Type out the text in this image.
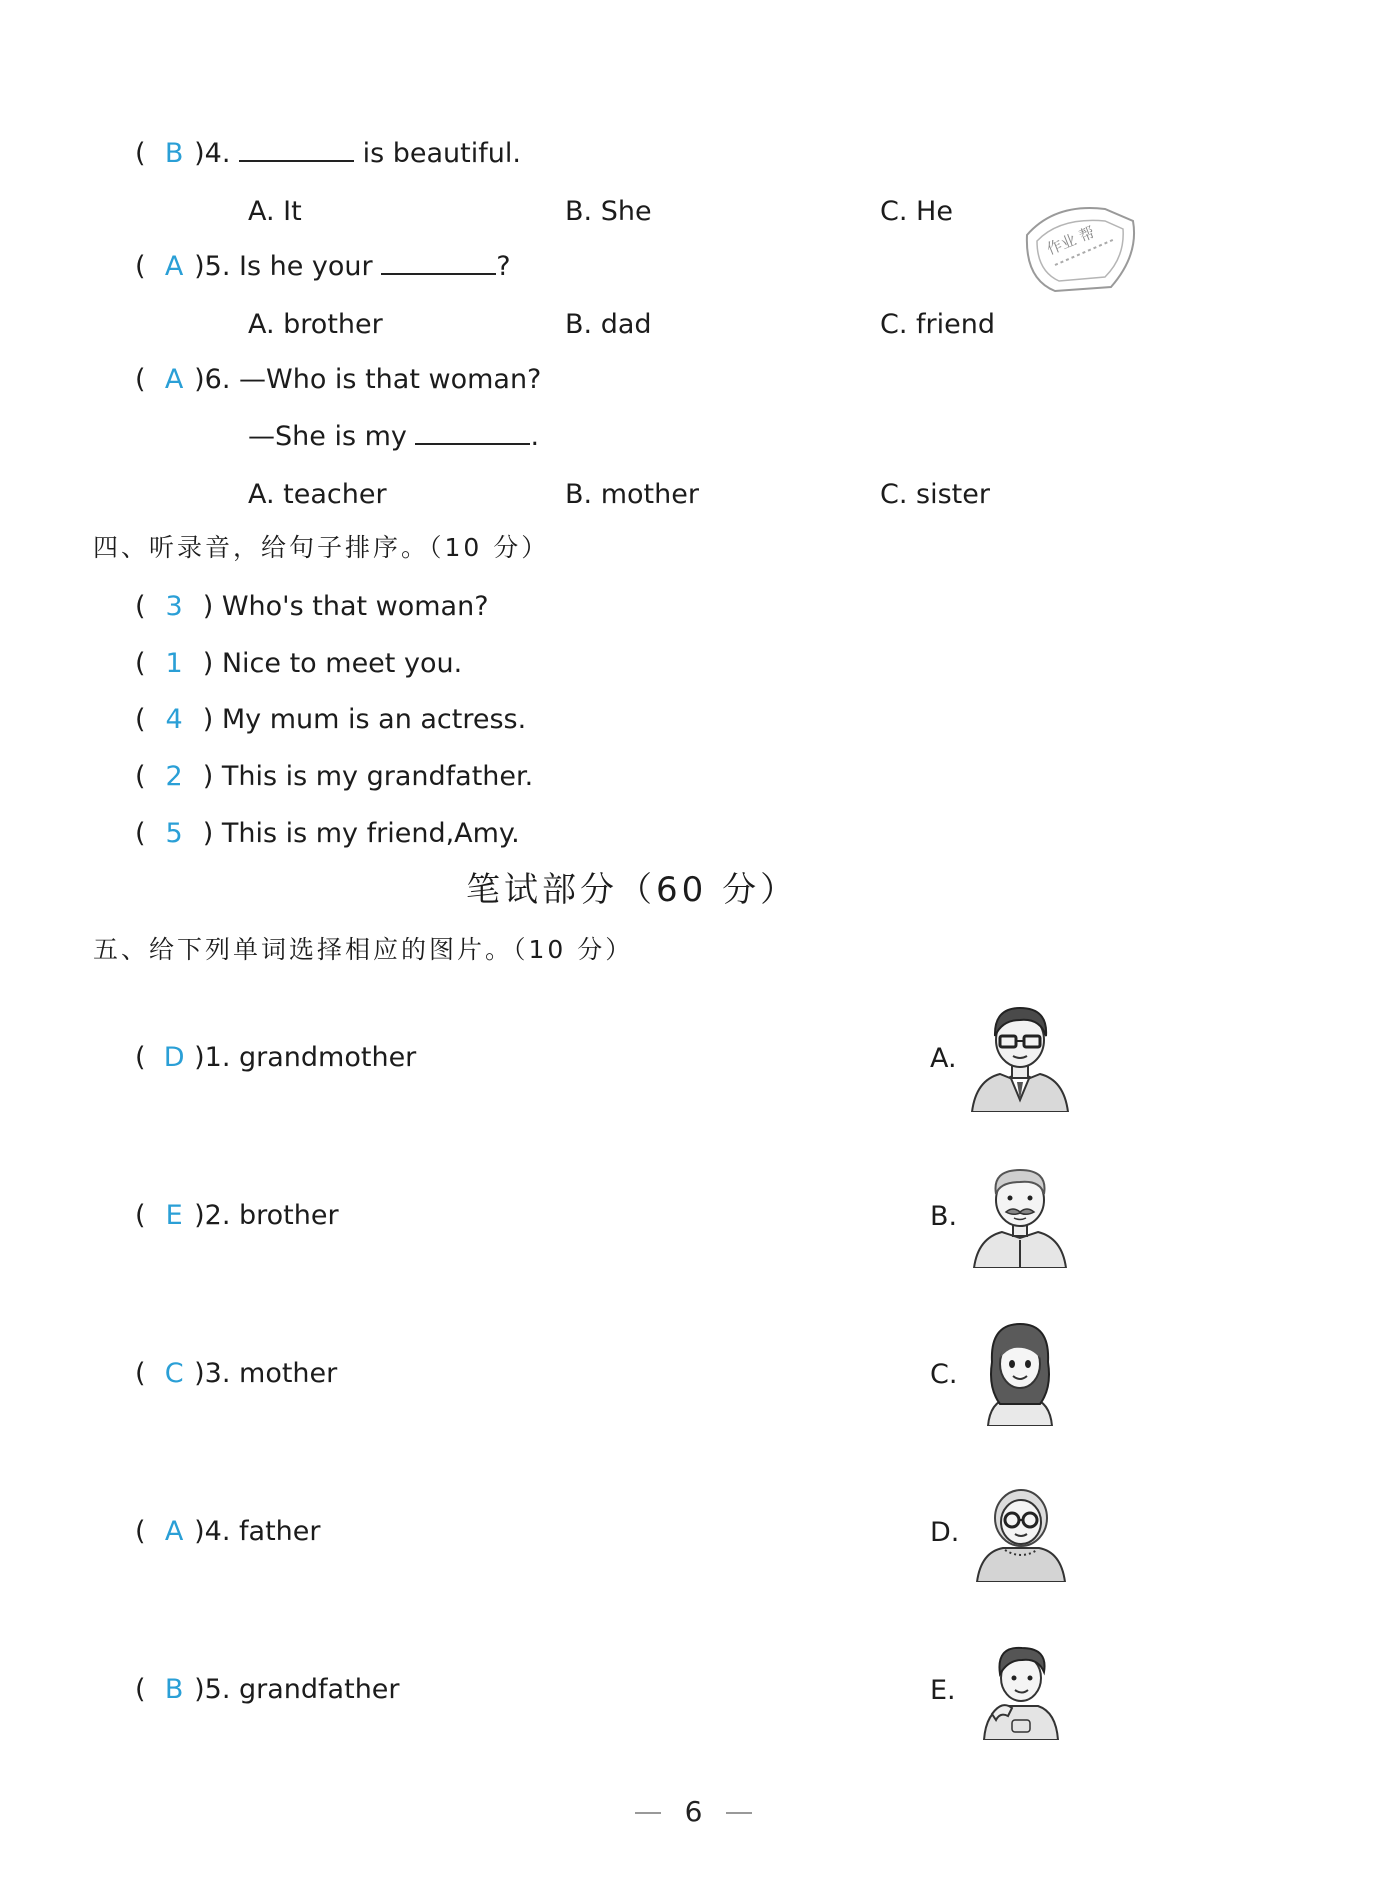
( B )4.	is beautiful.
A. It	B. She	C. He
( A )5. Is he your	?
A. brother	B. dad	C. friend
( A )6. —Who is that woman?
—She is my	.
A. teacher	B. mother	C. sister
作业 帮
四、听录音，给句子排序。（10 分）
( 3 ) Who's that woman?
( 1 ) Nice to meet you.
( 4 ) My mum is an actress.
( 2 ) This is my grandfather.
( 5 ) This is my friend,Amy.
笔试部分（60 分）
五、给下列单词选择相应的图片。（10 分）
( D )1. grandmother
( E )2. brother
( C )3. mother
( A )4. father
( B )5. grandfather
A.
B.
C.
D.
E.
6
